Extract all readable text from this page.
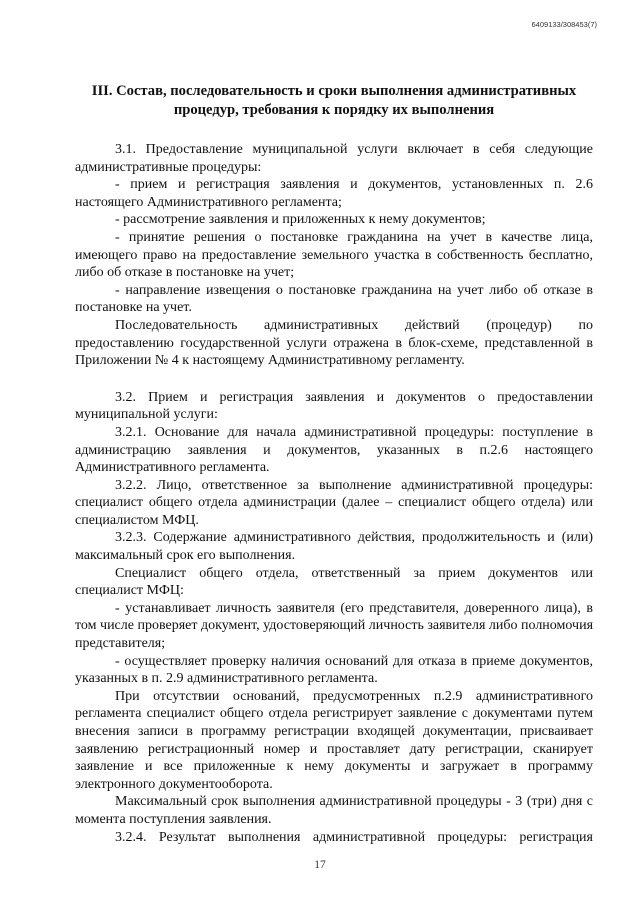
6409133/308453(7)
III. Состав, последовательность и сроки выполнения административных процедур, требования к порядку их выполнения

3.1. Предоставление муниципальной услуги включает в себя следующие административные процедуры:

- прием и регистрация заявления и документов, установленных п. 2.6 настоящего Административного регламента;

- рассмотрение заявления и приложенных к нему документов;

- принятие решения о постановке гражданина на учет в качестве лица, имеющего право на предоставление земельного участка в собственность бесплатно, либо об отказе в постановке на учет;

- направление извещения о постановке гражданина на учет либо об отказе в постановке на учет.

Последовательность административных действий (процедур) по предоставлению государственной услуги отражена в блок-схеме, представленной в Приложении № 4 к настоящему Административному регламенту.

3.2. Прием и регистрация заявления и документов о предоставлении муниципальной услуги:

3.2.1. Основание для начала административной процедуры: поступление в администрацию заявления и документов, указанных в п.2.6 настоящего Административного регламента.

3.2.2. Лицо, ответственное за выполнение административной процедуры: специалист общего отдела администрации (далее – специалист общего отдела) или специалистом МФЦ.

3.2.3. Содержание административного действия, продолжительность и (или) максимальный срок его выполнения.

Специалист общего отдела, ответственный за прием документов или специалист МФЦ:

- устанавливает личность заявителя (его представителя, доверенного лица), в том числе проверяет документ, удостоверяющий личность заявителя либо полномочия представителя;

- осуществляет проверку наличия оснований для отказа в приеме документов, указанных в п. 2.9 административного регламента.

При отсутствии оснований, предусмотренных п.2.9 административного регламента специалист общего отдела регистрирует заявление с документами путем внесения записи в программу регистрации входящей документации, присваивает заявлению регистрационный номер и проставляет дату регистрации, сканирует заявление и все приложенные к нему документы и загружает в программу электронного документооборота.

Максимальный срок выполнения административной процедуры - 3 (три) дня с момента поступления заявления.

3.2.4. Результат выполнения административной процедуры: регистрация

17
